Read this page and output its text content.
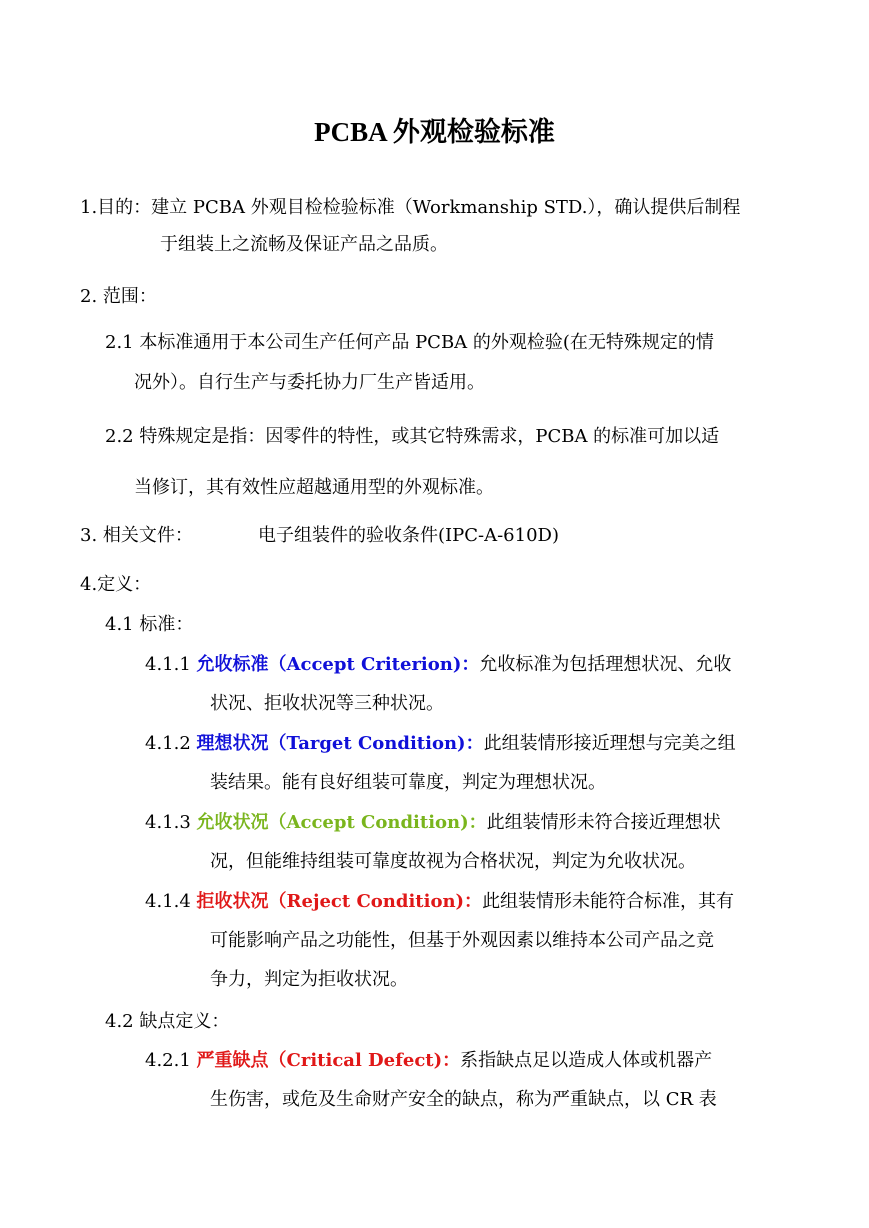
PCBA 外观检验标准
1.目的：建立 PCBA 外观目检检验标准（Workmanship STD.），确认提供后制程
于组装上之流畅及保证产品之品质。
2. 范围：
2.1 本标准通用于本公司生产任何产品 PCBA 的外观检验(在无特殊规定的情
况外）。自行生产与委托协力厂生产皆适用。
2.2 特殊规定是指：因零件的特性，或其它特殊需求，PCBA 的标准可加以适
当修订，其有效性应超越通用型的外观标准。
3. 相关文件：	电子组装件的验收条件(IPC-A-610D)
4.定义：
4.1 标准：
4.1.1 允收标准（Accept Criterion)：允收标准为包括理想状况、允收
状况、拒收状况等三种状况。
4.1.2 理想状况（Target Condition)：此组装情形接近理想与完美之组
装结果。能有良好组装可靠度，判定为理想状况。
4.1.3 允收状况（Accept Condition)：此组装情形未符合接近理想状
况，但能维持组装可靠度故视为合格状况，判定为允收状况。
4.1.4 拒收状况（Reject Condition)：此组装情形未能符合标准，其有
可能影响产品之功能性，但基于外观因素以维持本公司产品之竞
争力，判定为拒收状况。
4.2 缺点定义：
4.2.1 严重缺点（Critical Defect)：系指缺点足以造成人体或机器产
生伤害，或危及生命财产安全的缺点，称为严重缺点，以 CR 表
